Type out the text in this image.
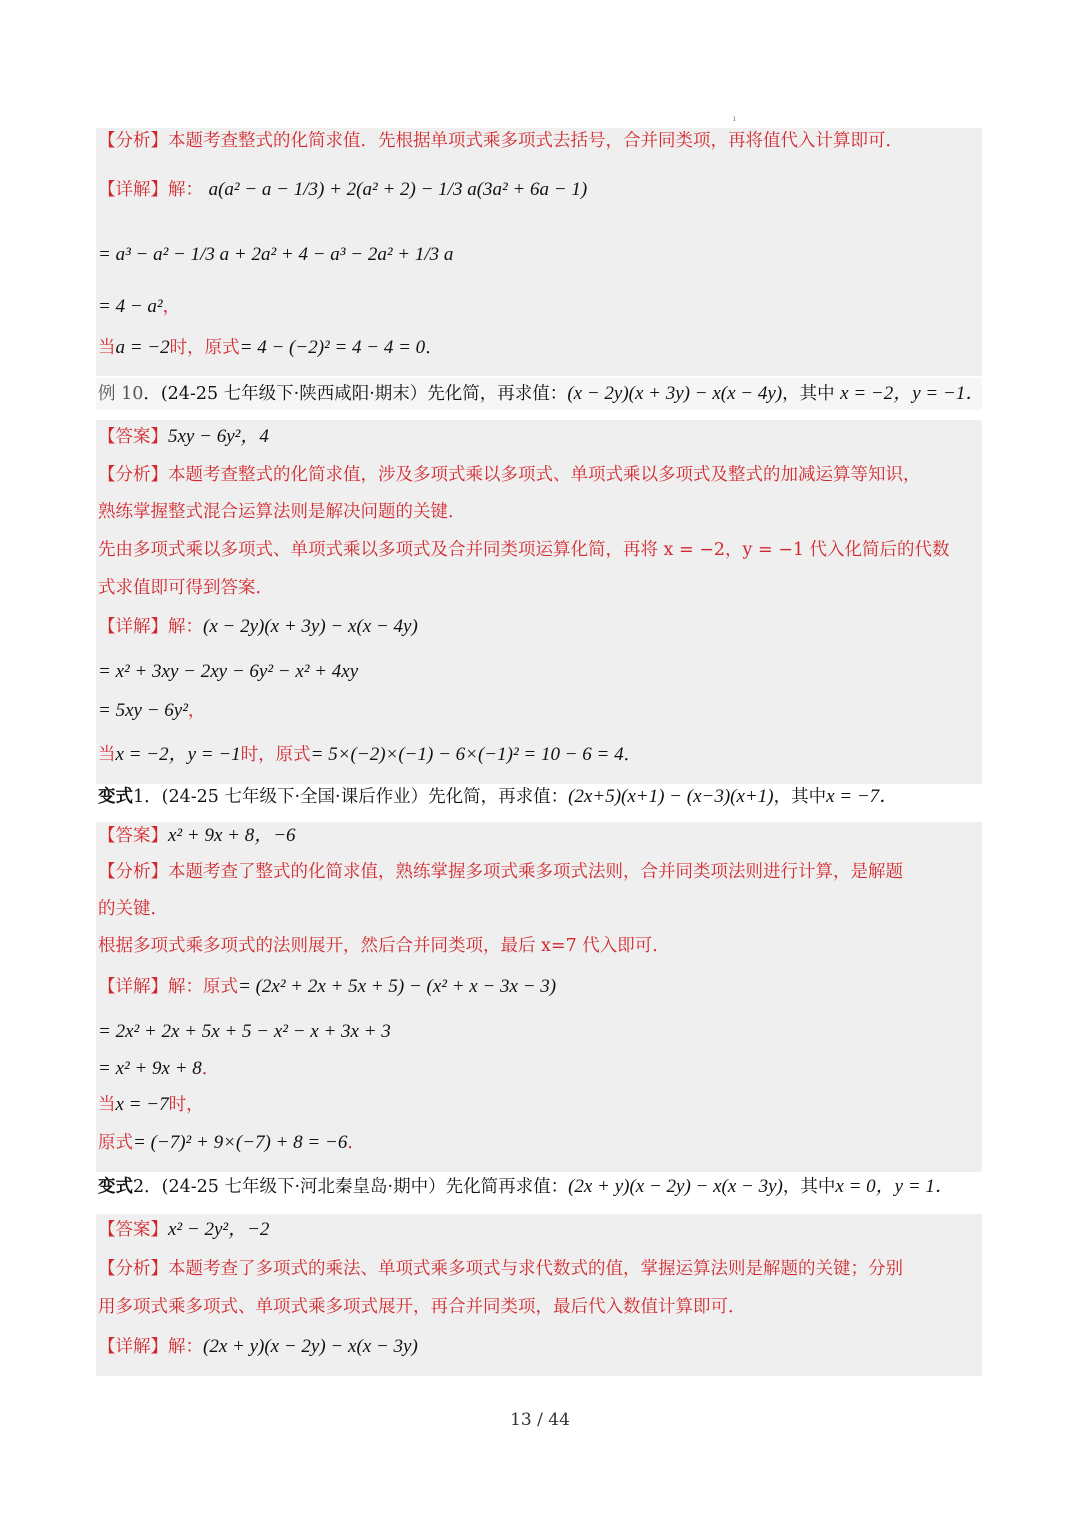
ı
【分析】本题考查整式的化简求值．先根据单项式乘多项式去括号，合并同类项，再将值代入计算即可．
【详解】解： a(a² − a − 1/3) + 2(a² + 2) − 1/3 a(3a² + 6a − 1)
= a³ − a² − 1/3 a + 2a² + 4 − a³ − 2a² + 1/3 a
= 4 − a²，
当a = −2时，原式= 4 − (−2)² = 4 − 4 = 0．
例 10．(24-25 七年级下·陕西咸阳·期末）先化简，再求值：(x − 2y)(x + 3y) − x(x − 4y)，其中 x = −2，y = −1．
【答案】5xy − 6y²，4
【分析】本题考查整式的化简求值，涉及多项式乘以多项式、单项式乘以多项式及整式的加减运算等知识，
熟练掌握整式混合运算法则是解决问题的关键．
先由多项式乘以多项式、单项式乘以多项式及合并同类项运算化简，再将 x = −2，y = −1 代入化简后的代数
式求值即可得到答案．
【详解】解：(x − 2y)(x + 3y) − x(x − 4y)
= x² + 3xy − 2xy − 6y² − x² + 4xy
= 5xy − 6y²，
当x = −2，y = −1时，原式= 5×(−2)×(−1) − 6×(−1)² = 10 − 6 = 4．
变式1．(24-25 七年级下·全国·课后作业）先化简，再求值：(2x+5)(x+1) − (x−3)(x+1)，其中x = −7．
【答案】x² + 9x + 8，−6
【分析】本题考查了整式的化简求值，熟练掌握多项式乘多项式法则，合并同类项法则进行计算，是解题
的关键．
根据多项式乘多项式的法则展开，然后合并同类项，最后 x=7 代入即可．
【详解】解：原式= (2x² + 2x + 5x + 5) − (x² + x − 3x − 3)
= 2x² + 2x + 5x + 5 − x² − x + 3x + 3
= x² + 9x + 8．
当x = −7时，
原式= (−7)² + 9×(−7) + 8 = −6．
变式2．(24-25 七年级下·河北秦皇岛·期中）先化简再求值：(2x + y)(x − 2y) − x(x − 3y)，其中x = 0，y = 1．
【答案】x² − 2y²，−2
【分析】本题考查了多项式的乘法、单项式乘多项式与求代数式的值，掌握运算法则是解题的关键；分别
用多项式乘多项式、单项式乘多项式展开，再合并同类项，最后代入数值计算即可．
【详解】解：(2x + y)(x − 2y) − x(x − 3y)
13 / 44
